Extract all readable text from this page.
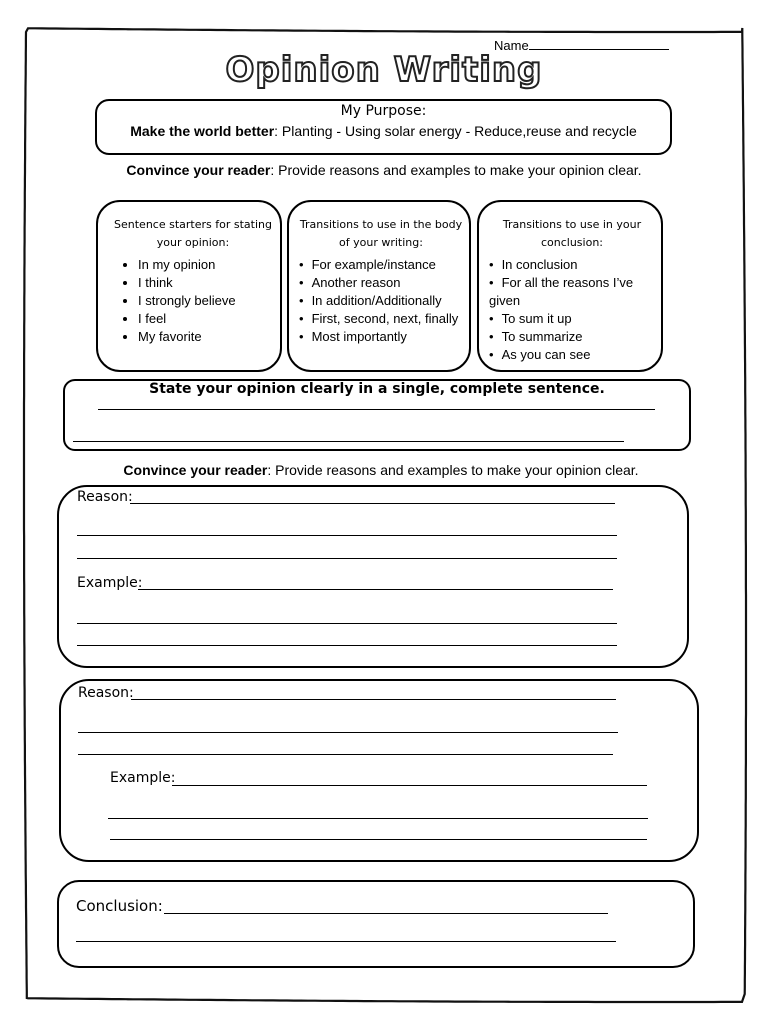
Name
Opinion Writing
My Purpose:
Make the world better: Planting - Using solar energy - Reduce,reuse and recycle
Convince your reader: Provide reasons and examples to make your opinion clear.
Sentence starters for stating your opinion:
• In my opinion
• I think
• I strongly believe
• I feel
• My favorite
Transitions to use in the body of your writing:
• For example/instance
• Another reason
• In addition/Additionally
• First, second, next, finally
• Most importantly
Transitions to use in your conclusion:
• In conclusion
• For all the reasons I’ve given
• To sum it up
• To summarize
• As you can see
State your opinion clearly in a single, complete sentence.
Convince your reader: Provide reasons and examples to make your opinion clear.
Reason:
Example:
Reason:
Example:
Conclusion:
